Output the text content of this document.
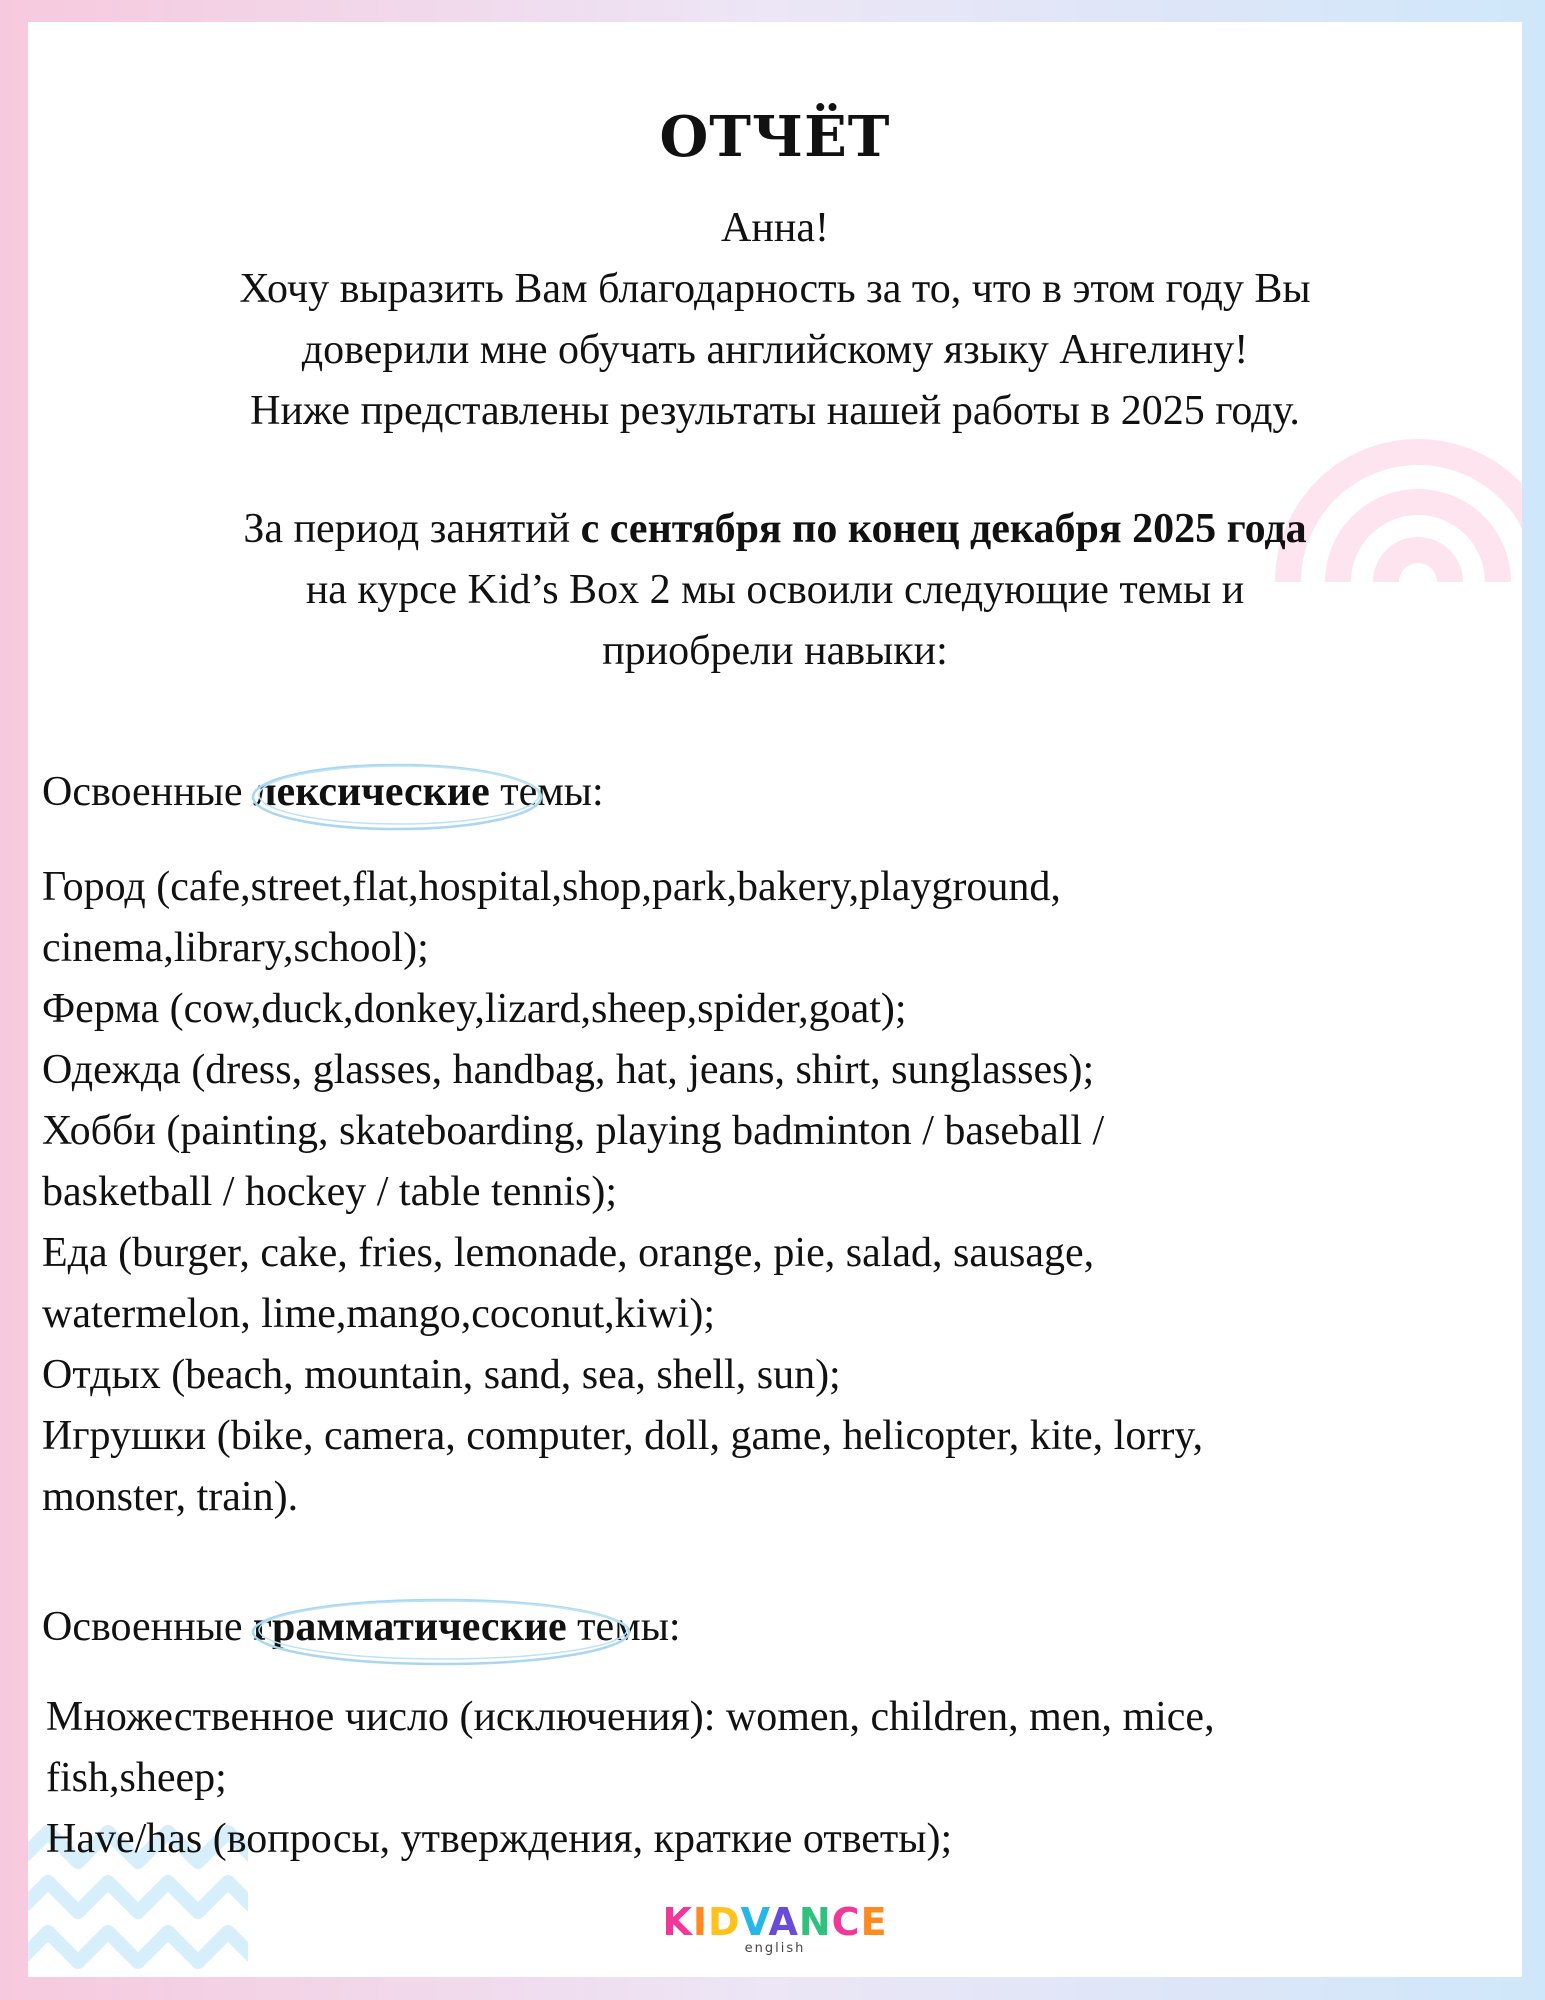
ОТЧЁТ

Анна!

Хочу выразить Вам благодарность за то, что в этом году Вы

доверили мне обучать английскому языку Ангелину!

Ниже представлены результаты нашей работы в 2025 году.

За период занятий с сентября по конец декабря 2025 года

на курсе Kid’s Box 2 мы освоили следующие темы и

приобрели навыки:

Освоенные
лексические темы:

Город (cafe,street,flat,hospital,shop,park,bakery,playground,

cinema,library,school);

Ферма (cow,duck,donkey,lizard,sheep,spider,goat);

Одежда (dress, glasses, handbag, hat, jeans, shirt, sunglasses);

Хобби (painting, skateboarding, playing badminton / baseball /

basketball / hockey / table tennis);

Еда (burger, cake, fries, lemonade, orange, pie, salad, sausage,

watermelon, lime,mango,coconut,kiwi);

Отдых (beach, mountain, sand, sea, shell, sun);

Игрушки (bike, camera, computer, doll, game, helicopter, kite, lorry,

monster, train).

Освоенные
грамматические темы:

Множественное число (исключения): women, children, men, mice,

fish,sheep;

Have/has (вопросы, утверждения, краткие ответы);

KIDVANCE
english
